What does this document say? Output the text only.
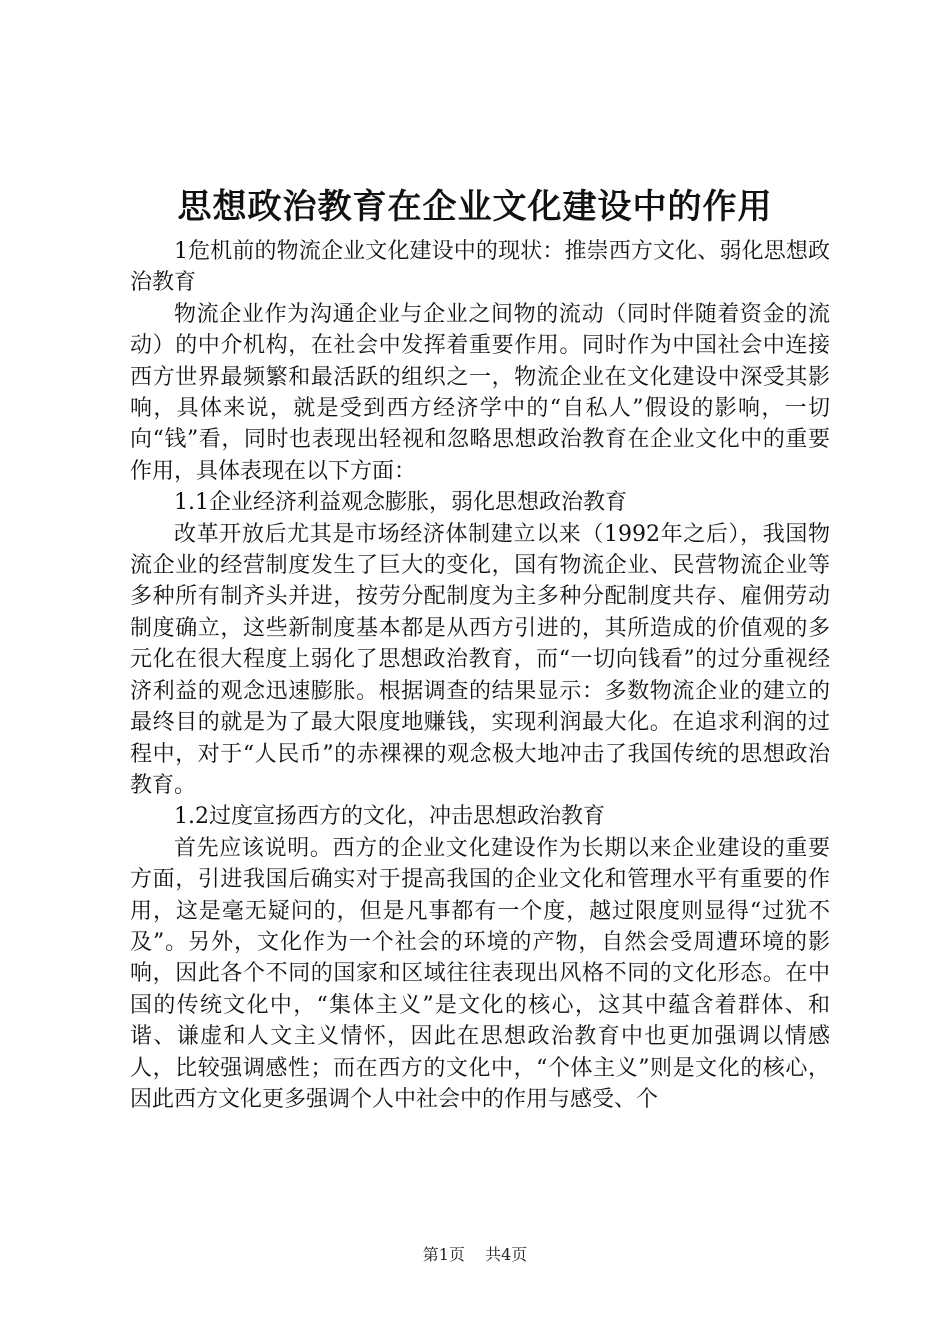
思想政治教育在企业文化建设中的作用

1危机前的物流企业文化建设中的现状：推崇西方文化、弱化思想政治教育

物流企业作为沟通企业与企业之间物的流动（同时伴随着资金的流动）的中介机构，在社会中发挥着重要作用。同时作为中国社会中连接西方世界最频繁和最活跃的组织之一，物流企业在文化建设中深受其影响，具体来说，就是受到西方经济学中的“自私人”假设的影响，一切向“钱”看，同时也表现出轻视和忽略思想政治教育在企业文化中的重要作用，具体表现在以下方面：

1.1企业经济利益观念膨胀，弱化思想政治教育

改革开放后尤其是市场经济体制建立以来（1992年之后），我国物流企业的经营制度发生了巨大的变化，国有物流企业、民营物流企业等多种所有制齐头并进，按劳分配制度为主多种分配制度共存、雇佣劳动制度确立，这些新制度基本都是从西方引进的，其所造成的价值观的多元化在很大程度上弱化了思想政治教育，而“一切向钱看”的过分重视经济利益的观念迅速膨胀。根据调查的结果显示：多数物流企业的建立的最终目的就是为了最大限度地赚钱，实现利润最大化。在追求利润的过程中，对于“人民币”的赤裸裸的观念极大地冲击了我国传统的思想政治教育。

1.2过度宣扬西方的文化，冲击思想政治教育

首先应该说明。西方的企业文化建设作为长期以来企业建设的重要方面，引进我国后确实对于提高我国的企业文化和管理水平有重要的作用，这是毫无疑问的，但是凡事都有一个度，越过限度则显得“过犹不及”。另外，文化作为一个社会的环境的产物，自然会受周遭环境的影响，因此各个不同的国家和区域往往表现出风格不同的文化形态。在中国的传统文化中，“集体主义”是文化的核心，这其中蕴含着群体、和谐、谦虚和人文主义情怀，因此在思想政治教育中也更加强调以情感人，比较强调感性；而在西方的文化中，“个体主义”则是文化的核心，因此西方文化更多强调个人中社会中的作用与感受、个

第1页 共4页
